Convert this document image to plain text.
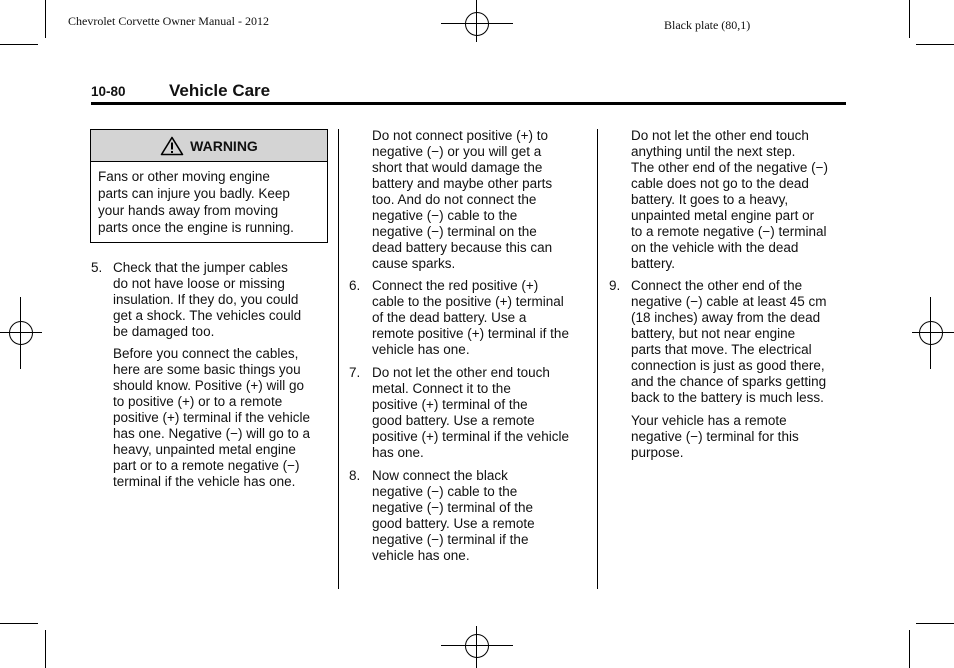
Chevrolet Corvette Owner Manual - 2012	Black plate (80,1)
10-80	Vehicle Care
WARNING
Fans or other moving engine
parts can injure you badly. Keep
your hands away from moving
parts once the engine is running.
5. Check that the jumper cables
do not have loose or missing
insulation. If they do, you could
get a shock. The vehicles could
be damaged too.
Before you connect the cables,
here are some basic things you
should know. Positive (+) will go
to positive (+) or to a remote
positive (+) terminal if the vehicle
has one. Negative (−) will go to a
heavy, unpainted metal engine
part or to a remote negative (−)
terminal if the vehicle has one.
Do not connect positive (+) to
negative (−) or you will get a
short that would damage the
battery and maybe other parts
too. And do not connect the
negative (−) cable to the
negative (−) terminal on the
dead battery because this can
cause sparks.
6. Connect the red positive (+)
cable to the positive (+) terminal
of the dead battery. Use a
remote positive (+) terminal if the
vehicle has one.
7. Do not let the other end touch
metal. Connect it to the
positive (+) terminal of the
good battery. Use a remote
positive (+) terminal if the vehicle
has one.
8. Now connect the black
negative (−) cable to the
negative (−) terminal of the
good battery. Use a remote
negative (−) terminal if the
vehicle has one.
Do not let the other end touch
anything until the next step.
The other end of the negative (−)
cable does not go to the dead
battery. It goes to a heavy,
unpainted metal engine part or
to a remote negative (−) terminal
on the vehicle with the dead
battery.
9. Connect the other end of the
negative (−) cable at least 45 cm
(18 inches) away from the dead
battery, but not near engine
parts that move. The electrical
connection is just as good there,
and the chance of sparks getting
back to the battery is much less.
Your vehicle has a remote
negative (−) terminal for this
purpose.
